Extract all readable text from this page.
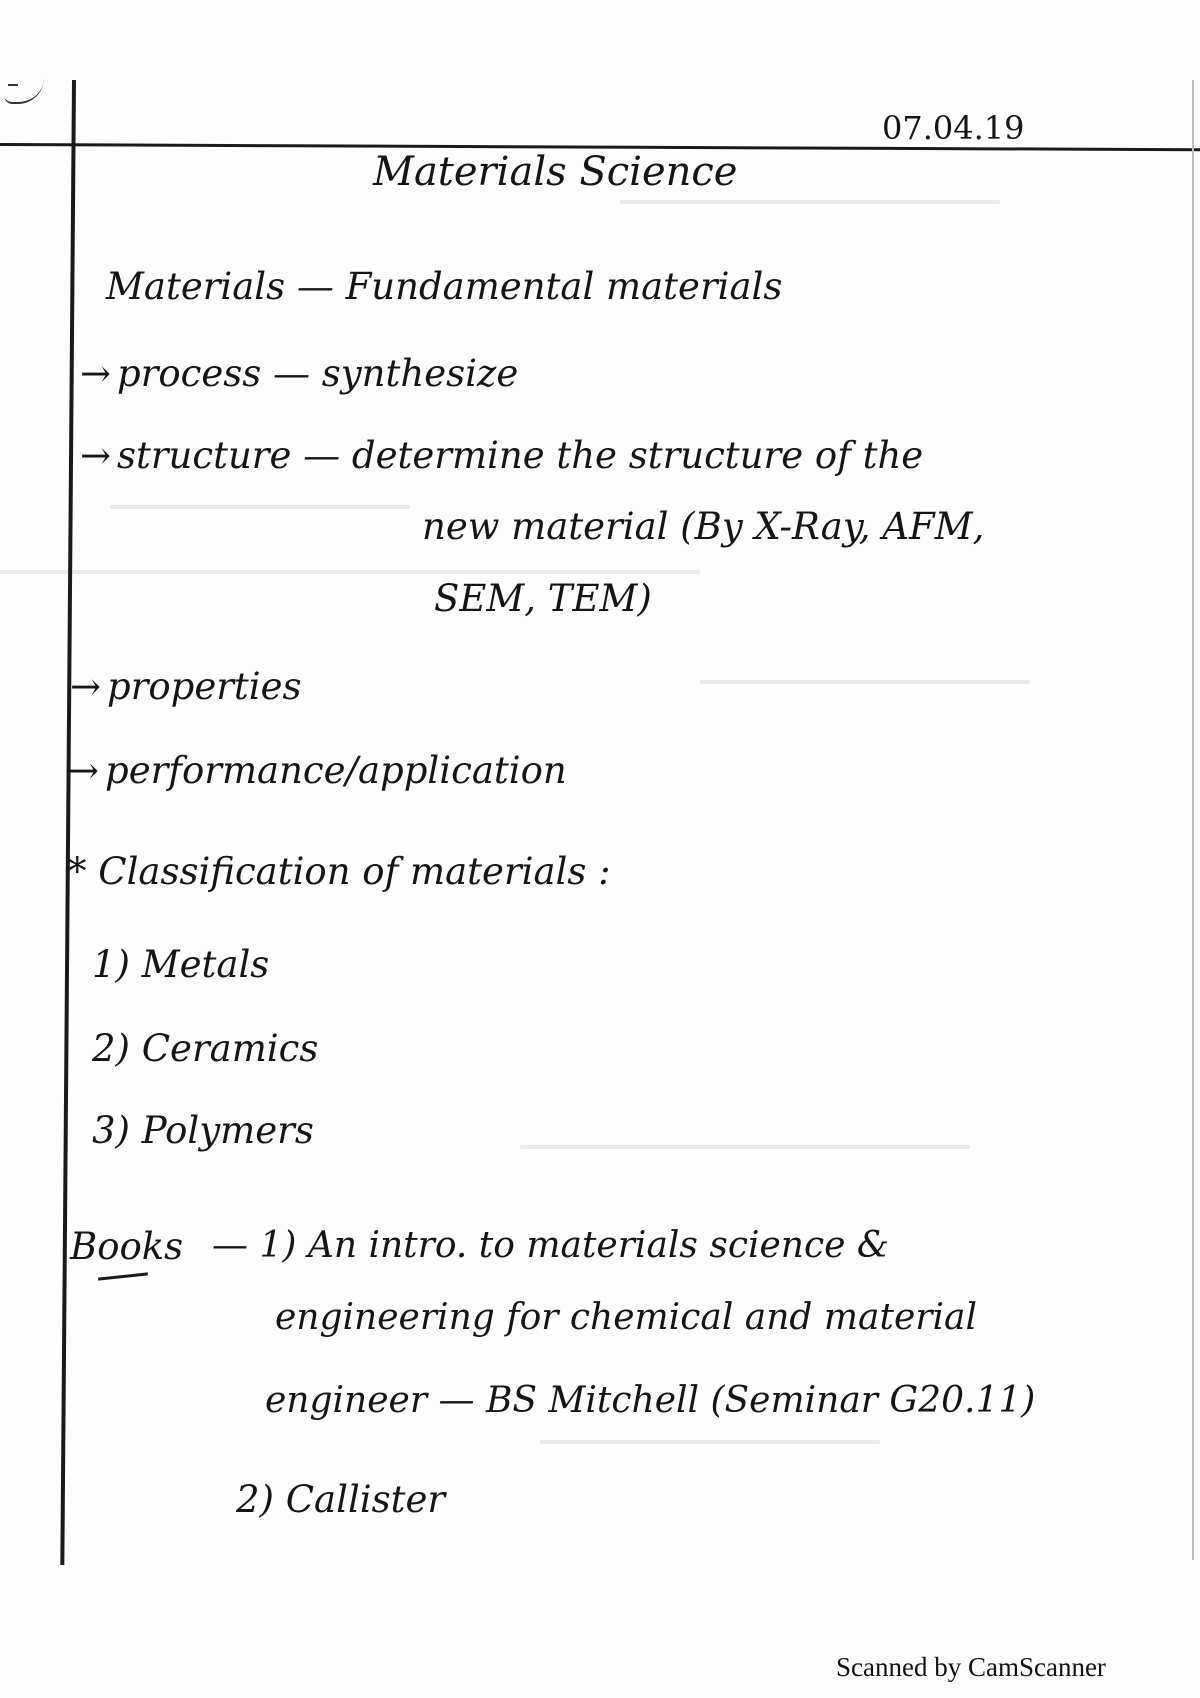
07.04.19
Materials Science
Materials — Fundamental materials
→ process — synthesize
→ structure — determine the structure of the
new material (By X-Ray, AFM,
SEM, TEM)
→ properties
→ performance/application
* Classification of materials :
1) Metals
2) Ceramics
3) Polymers
Books — 1) An intro. to materials science &
engineering for chemical and material
engineer — BS Mitchell (Seminar G20.11)
2) Callister
Scanned by CamScanner
